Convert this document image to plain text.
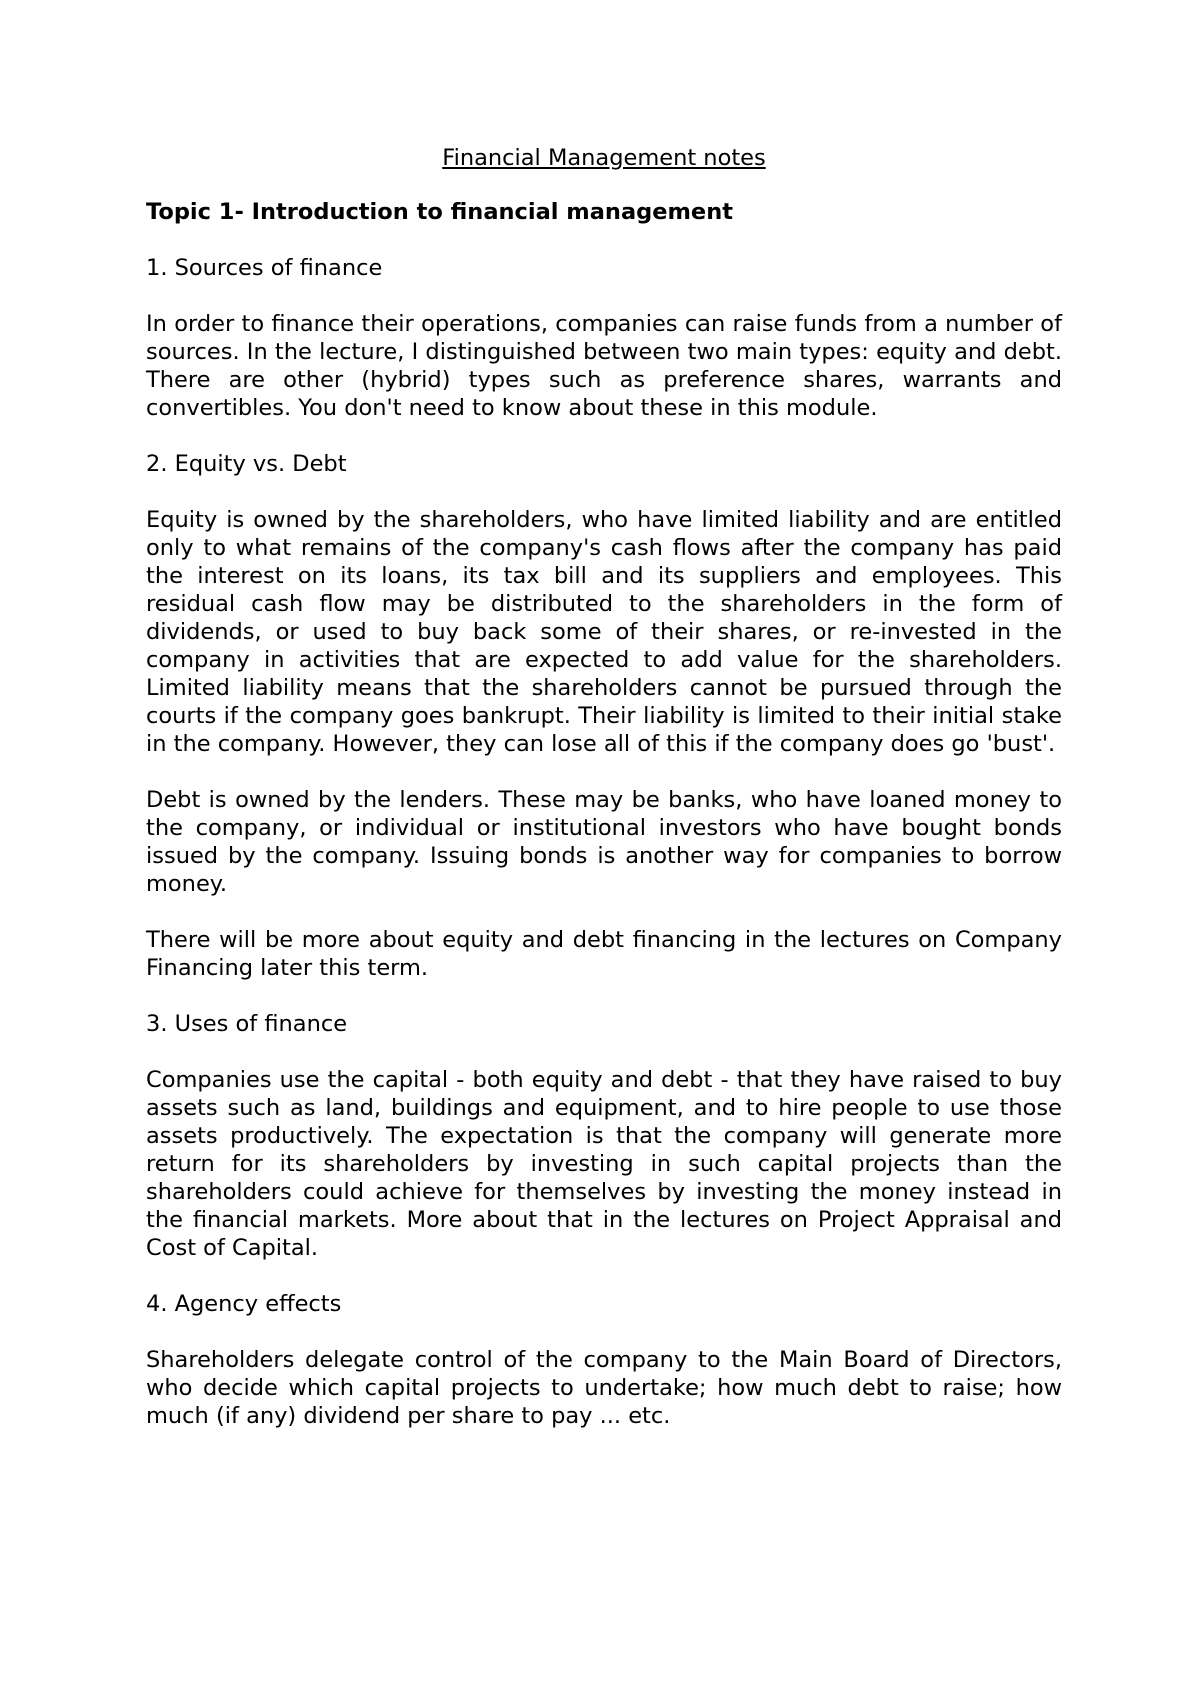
Financial Management notes
Topic 1- Introduction to financial management
1. Sources of finance

In order to finance their operations, companies can raise funds from a number of sources. In the lecture, I distinguished between two main types: equity and debt. There are other (hybrid) types such as preference shares, warrants and convertibles. You don't need to know about these in this module.

2. Equity vs. Debt

Equity is owned by the shareholders, who have limited liability and are entitled only to what remains of the company's cash flows after the company has paid the interest on its loans, its tax bill and its suppliers and employees. This residual cash flow may be distributed to the shareholders in the form of dividends, or used to buy back some of their shares, or re-invested in the company in activities that are expected to add value for the shareholders. Limited liability means that the shareholders cannot be pursued through the courts if the company goes bankrupt. Their liability is limited to their initial stake in the company. However, they can lose all of this if the company does go 'bust'.

Debt is owned by the lenders. These may be banks, who have loaned money to the company, or individual or institutional investors who have bought bonds issued by the company. Issuing bonds is another way for companies to borrow money.

There will be more about equity and debt financing in the lectures on Company Financing later this term.

3. Uses of finance

Companies use the capital - both equity and debt - that they have raised to buy assets such as land, buildings and equipment, and to hire people to use those assets productively. The expectation is that the company will generate more return for its shareholders by investing in such capital projects than the shareholders could achieve for themselves by investing the money instead in the financial markets. More about that in the lectures on Project Appraisal and Cost of Capital.

4. Agency effects

Shareholders delegate control of the company to the Main Board of Directors, who decide which capital projects to undertake; how much debt to raise; how much (if any) dividend per share to pay ... etc.
